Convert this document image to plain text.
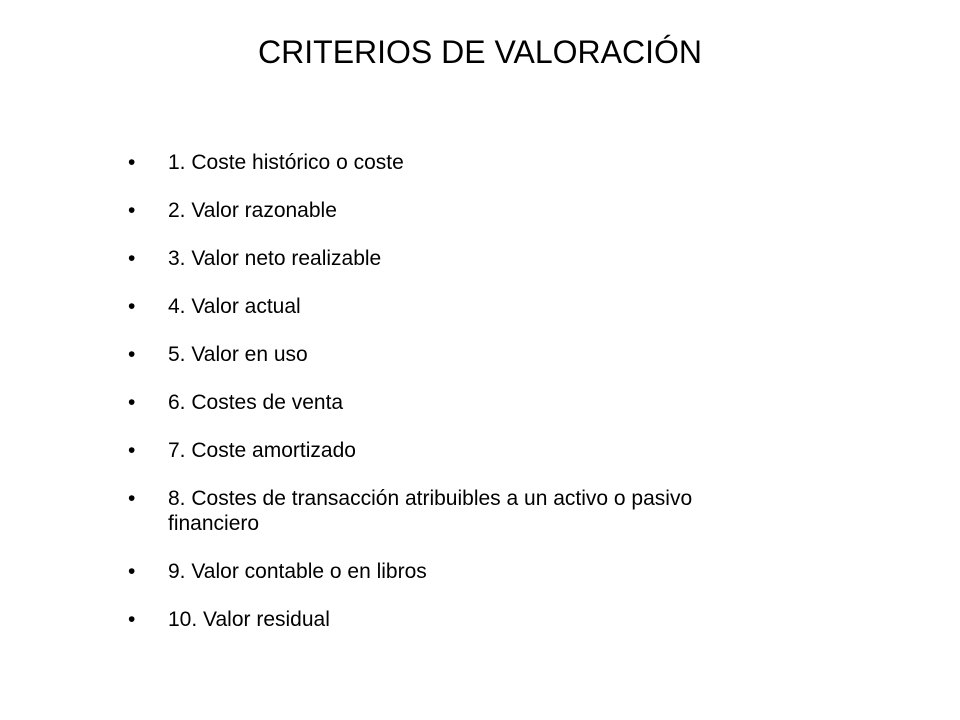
CRITERIOS DE VALORACIÓN
• 1. Coste histórico o coste
• 2. Valor razonable
• 3. Valor neto realizable
• 4. Valor actual
• 5. Valor en uso
• 6. Costes de venta
• 7. Coste amortizado
• 8. Costes de transacción atribuibles a un activo o pasivo financiero
• 9. Valor contable o en libros
• 10. Valor residual
